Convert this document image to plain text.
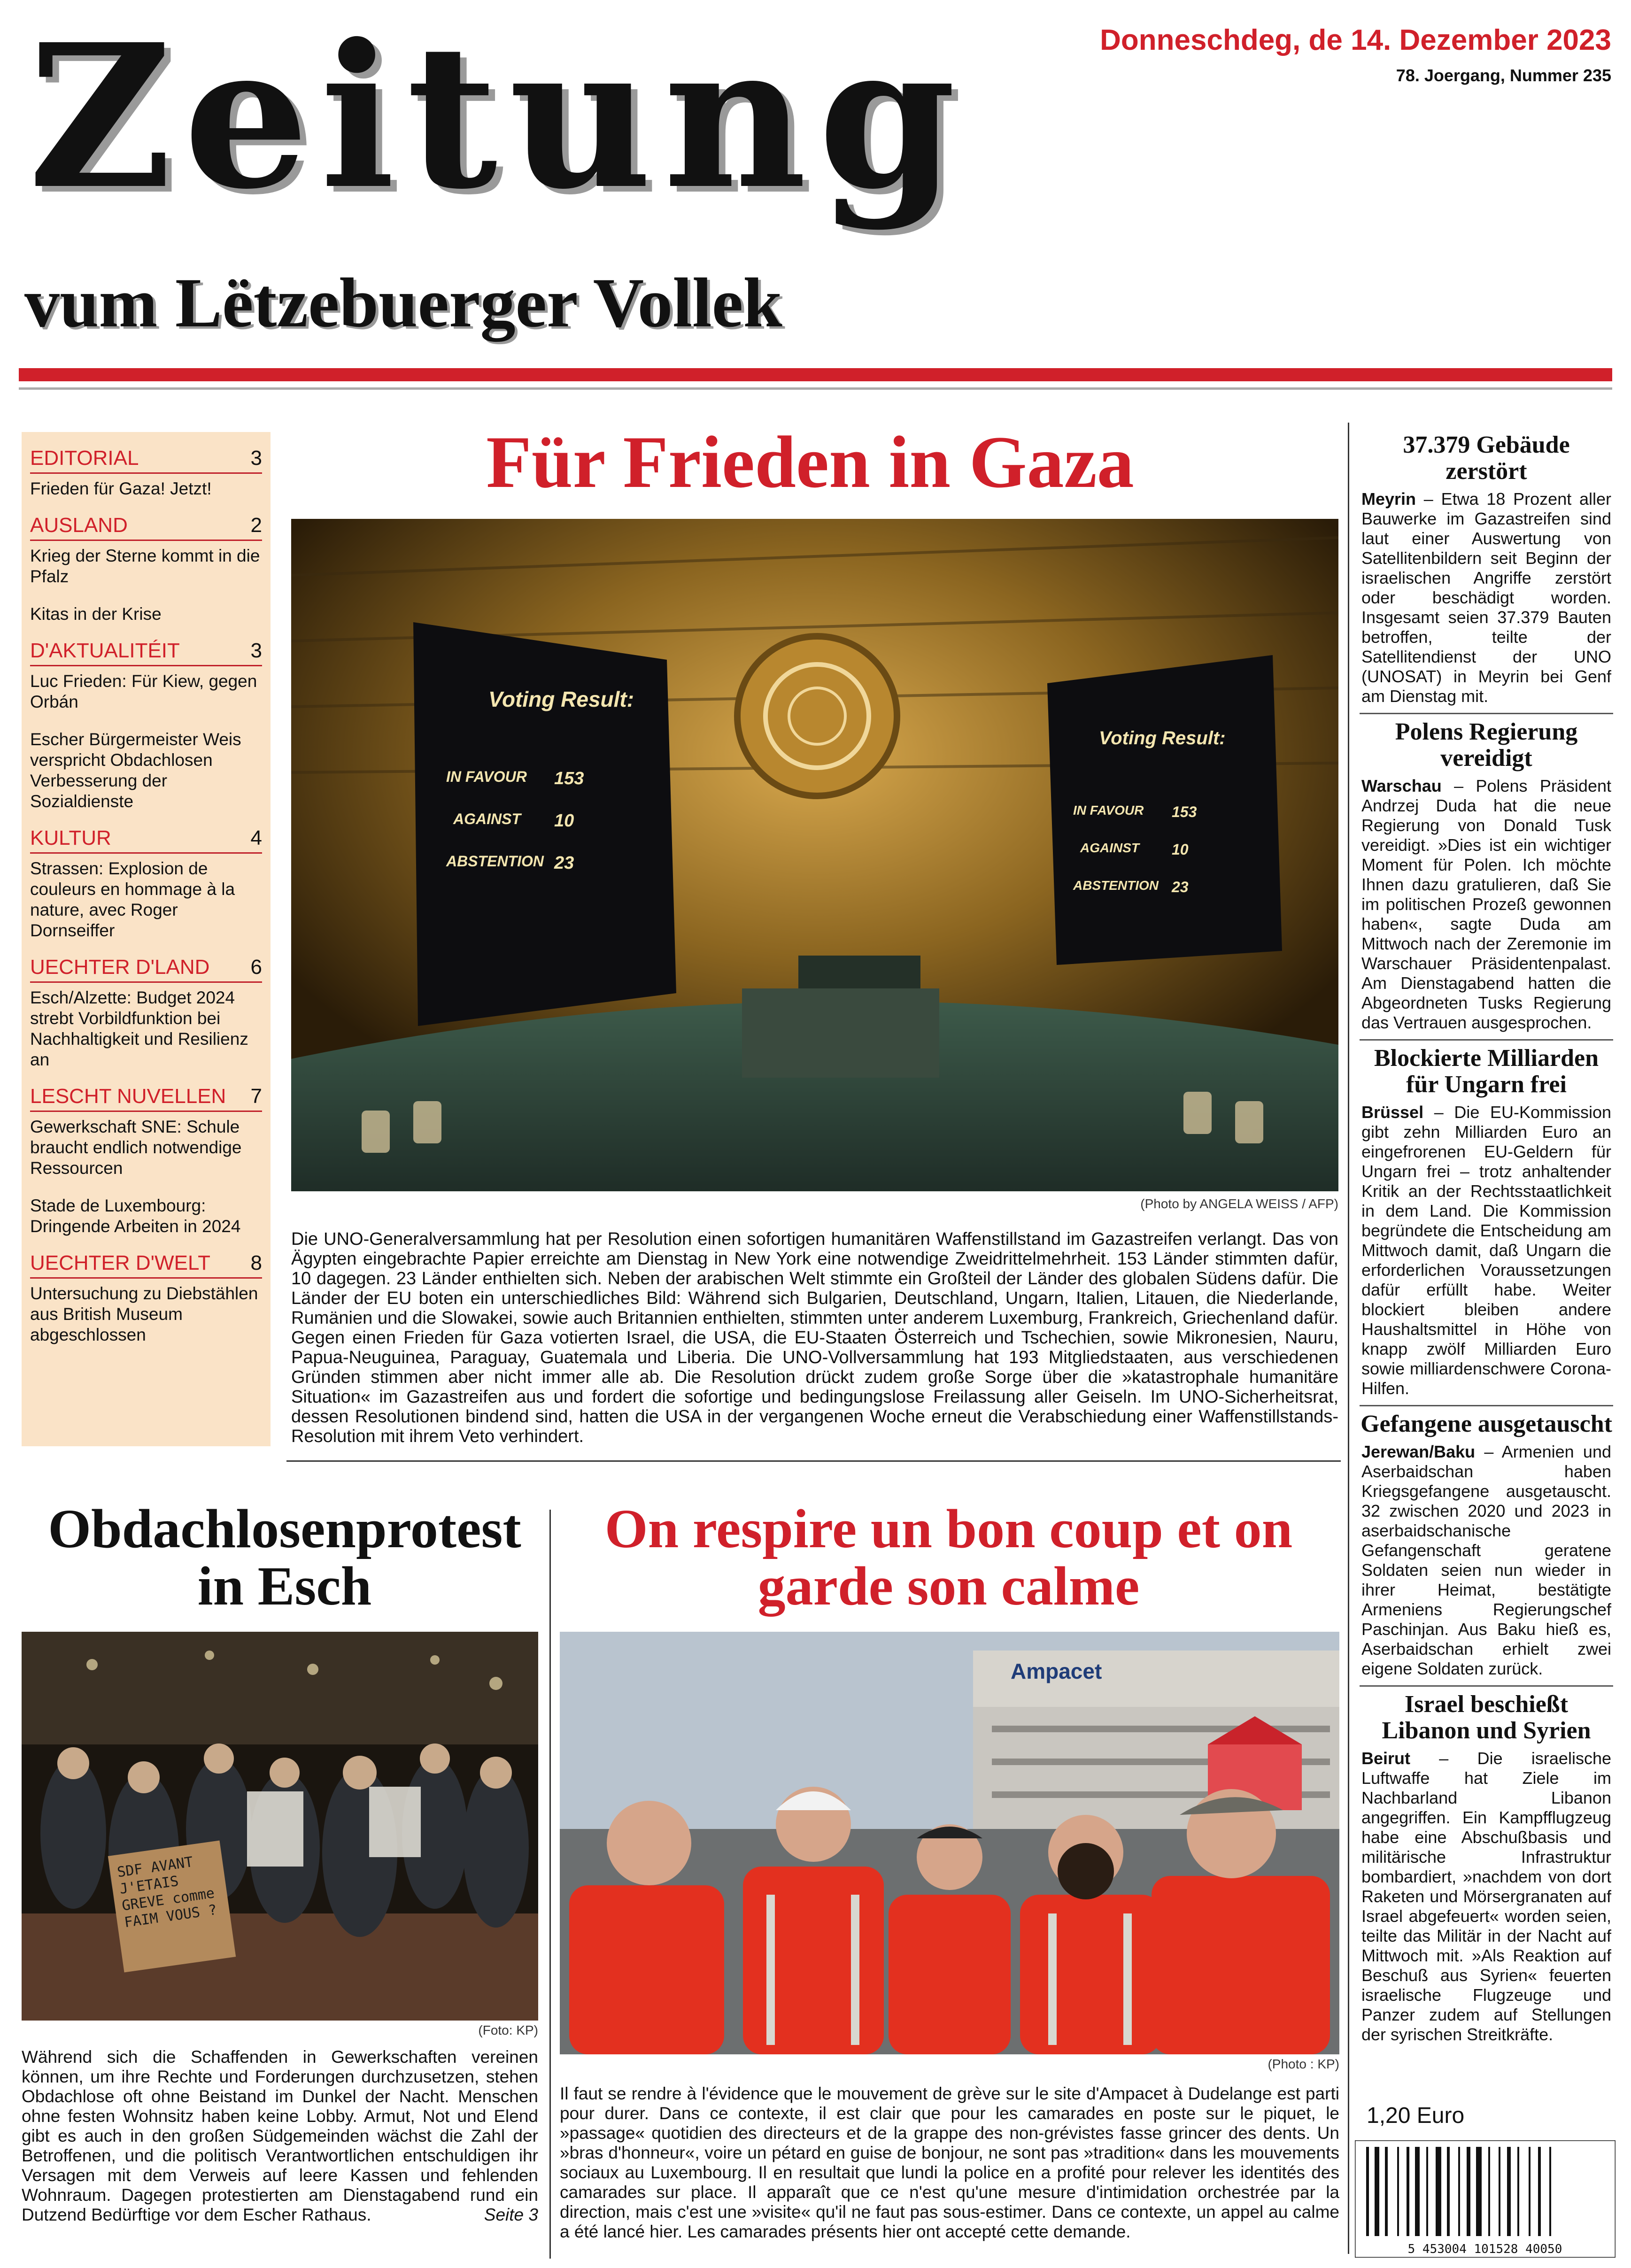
Zeitung
vum Lëtzebuerger Vollek
Donneschdeg, de 14. Dezember 2023
78. Joergang, Nummer 235
EDITORIAL	3
Frieden für Gaza! Jetzt!
AUSLAND	2
Krieg der Sterne kommt in die Pfalz
Kitas in der Krise
D'AKTUALITÉIT	3
Luc Frieden: Für Kiew, gegen Orbán
Escher Bürgermeister Weis verspricht Obdachlosen Verbesserung der Sozialdienste
KULTUR	4
Strassen: Explosion de couleurs en hommage à la nature, avec Roger Dornseiffer
UECHTER D'LAND 6
Esch/Alzette: Budget 2024 strebt Vorbildfunktion bei Nachhaltigkeit und Resilienz an
LESCHT NUVELLEN 7
Gewerkschaft SNE: Schule braucht endlich notwendige Ressourcen
Stade de Luxembourg: Dringende Arbeiten in 2024
UECHTER D'WELT 8
Untersuchung zu Diebstählen aus British Museum abgeschlossen
Für Frieden in Gaza
Voting Result:
IN FAVOUR 153
AGAINST 10
ABSTENTION 23
Voting Result:
IN FAVOUR 153
AGAINST 10
ABSTENTION 23
(Photo by ANGELA WEISS / AFP)
Die UNO-Generalversammlung hat per Resolution einen sofortigen humanitären Waffenstillstand im Gazastreifen verlangt. Das von Ägypten eingebrachte Papier erreichte am Dienstag in New York eine notwendige Zweidrittelmehrheit. 153 Länder stimmten dafür, 10 dagegen. 23 Länder enthielten sich. Neben der arabischen Welt stimmte ein Großteil der Länder des globalen Südens dafür. Die Länder der EU boten ein unterschiedliches Bild: Während sich Bulgarien, Deutschland, Ungarn, Italien, Litauen, die Niederlande, Rumänien und die Slowakei, sowie auch Britannien enthielten, stimmten unter anderem Luxemburg, Frankreich, Griechenland dafür. Gegen einen Frieden für Gaza votierten Israel, die USA, die EU-Staaten Österreich und Tschechien, sowie Mikronesien, Nauru, Papua-Neuguinea, Paraguay, Guatemala und Liberia. Die UNO-Vollversammlung hat 193 Mitgliedstaaten, aus verschiedenen Gründen stimmen aber nicht immer alle ab. Die Resolution drückt zudem große Sorge über die »katastrophale humanitäre Situation« im Gazastreifen aus und fordert die sofortige und bedingungslose Freilassung aller Geiseln. Im UNO-Sicherheitsrat, dessen Resolutionen bindend sind, hatten die USA in der vergangenen Woche erneut die Verabschiedung einer Waffenstillstands-Resolution mit ihrem Veto verhindert.
37.379 Gebäude zerstört
Meyrin – Etwa 18 Prozent aller Bauwerke im Gazastreifen sind laut einer Auswertung von Satellitenbildern seit Beginn der israelischen Angriffe zerstört oder beschädigt worden. Insgesamt seien 37.379 Bauten betroffen, teilte der Satellitendienst der UNO (UNOSAT) in Meyrin bei Genf am Dienstag mit.
Polens Regierung vereidigt
Warschau – Polens Präsident Andrzej Duda hat die neue Regierung von Donald Tusk vereidigt. »Dies ist ein wichtiger Moment für Polen. Ich möchte Ihnen dazu gratulieren, daß Sie im politischen Prozeß gewonnen haben«, sagte Duda am Mittwoch nach der Zeremonie im Warschauer Präsidentenpalast. Am Dienstagabend hatten die Abgeordneten Tusks Regierung das Vertrauen ausgesprochen.
Blockierte Milliarden für Ungarn frei
Brüssel – Die EU-Kommission gibt zehn Milliarden Euro an eingefrorenen EU-Geldern für Ungarn frei – trotz anhaltender Kritik an der Rechtsstaatlichkeit in dem Land. Die Kommission begründete die Entscheidung am Mittwoch damit, daß Ungarn die erforderlichen Voraussetzungen dafür erfüllt habe. Weiter blockiert bleiben andere Haushaltsmittel in Höhe von knapp zwölf Milliarden Euro sowie milliardenschwere Corona-Hilfen.
Gefangene ausgetauscht
Jerewan/Baku – Armenien und Aserbaidschan haben Kriegsgefangene ausgetauscht. 32 zwischen 2020 und 2023 in aserbaidschanische Gefangenschaft geratene Soldaten seien nun wieder in ihrer Heimat, bestätigte Armeniens Regierungschef Paschinjan. Aus Baku hieß es, Aserbaidschan erhielt zwei eigene Soldaten zurück.
Israel beschießt Libanon und Syrien
Beirut – Die israelische Luftwaffe hat Ziele im Nachbarland Libanon angegriffen. Ein Kampfflugzeug habe eine Abschußbasis und militärische Infrastruktur bombardiert, »nachdem von dort Raketen und Mörsergranaten auf Israel abgefeuert« worden seien, teilte das Militär in der Nacht auf Mittwoch mit. »Als Reaktion auf Beschuß aus Syrien« feuerten israelische Flugzeuge und Panzer zudem auf Stellungen der syrischen Streitkräfte.
Obdachlosenprotest in Esch
SDF AVANT J'ETAIS GREVE comme FAIM VOUS ?
(Foto: KP)
Während sich die Schaffenden in Gewerkschaften vereinen können, um ihre Rechte und Forderungen durchzusetzen, stehen Obdachlose oft ohne Beistand im Dunkel der Nacht. Menschen ohne festen Wohnsitz haben keine Lobby. Armut, Not und Elend gibt es auch in den großen Südgemeinden wächst die Zahl der Betroffenen, und die politisch Verantwortlichen entschuldigen ihr Versagen mit dem Verweis auf leere Kassen und fehlenden Wohnraum. Dagegen protestierten am Dienstagabend rund ein Dutzend Bedürftige vor dem Escher Rathaus.	Seite 3
On respire un bon coup et on garde son calme
Ampacet
(Photo : KP)
Il faut se rendre à l'évidence que le mouvement de grève sur le site d'Ampacet à Dudelange est parti pour durer. Dans ce contexte, il est clair que pour les camarades en poste sur le piquet, le »passage« quotidien des directeurs et de la grappe des non-grévistes fasse grincer des dents. Un »bras d'honneur«, voire un pétard en guise de bonjour, ne sont pas »tradition« dans les mouvements sociaux au Luxembourg. Il en resultait que lundi la police en a profité pour relever les identités des camarades sur place. Il apparaît que ce n'est qu'une mesure d'intimidation orchestrée par la direction, mais c'est une »visite« qu'il ne faut pas sous-estimer. Dans ce contexte, un appel au calme a été lancé hier. Les camarades présents hier ont accepté cette demande.
1,20 Euro
5 453004 101528 40050
